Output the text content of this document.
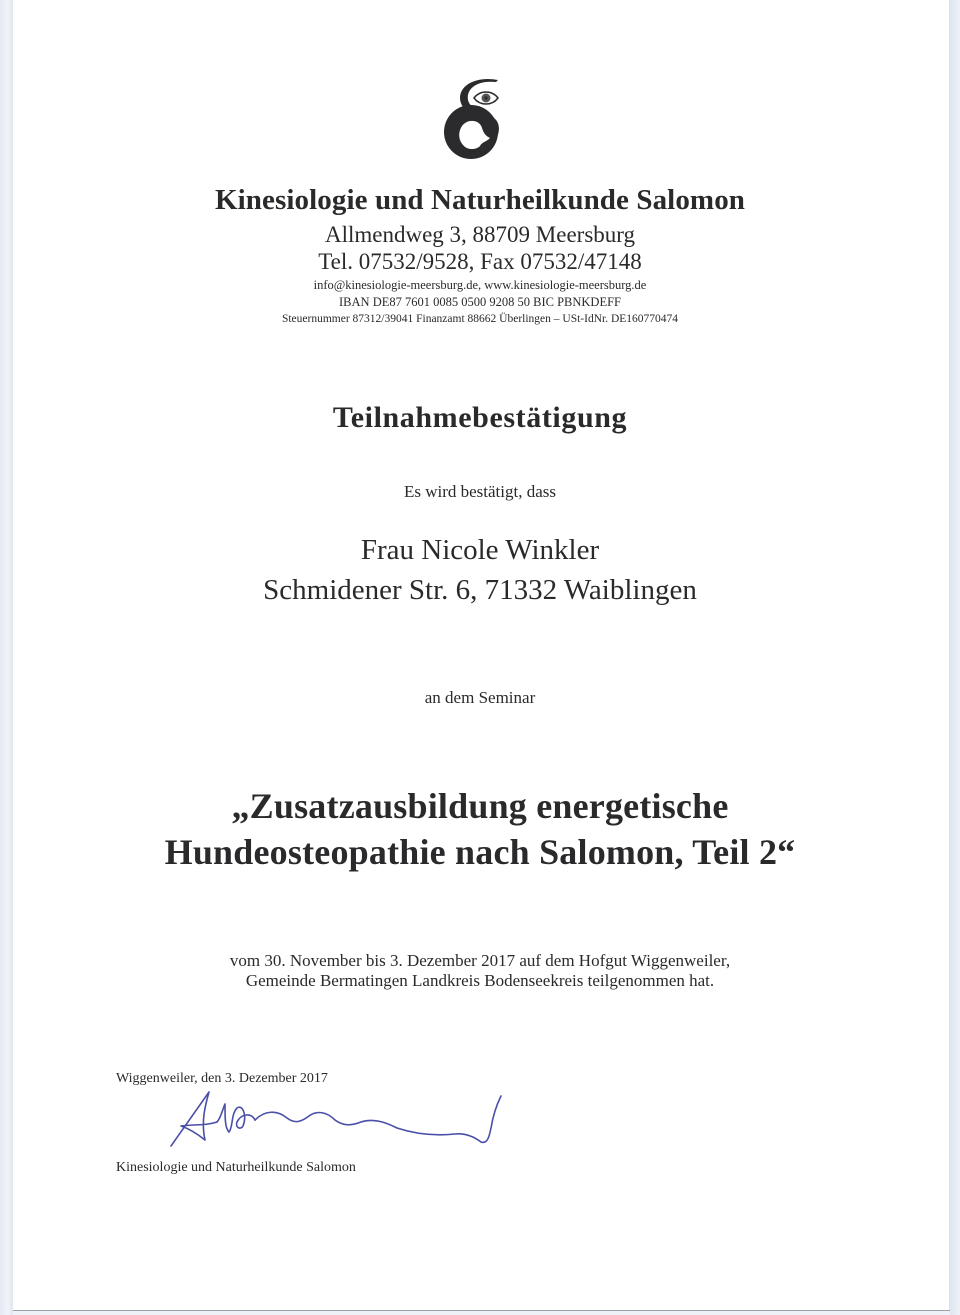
Kinesiologie und Naturheilkunde Salomon
Allmendweg 3, 88709 Meersburg
Tel. 07532/9528, Fax 07532/47148
info@kinesiologie-meersburg.de, www.kinesiologie-meersburg.de
IBAN DE87 7601 0085 0500 9208 50 BIC PBNKDEFF
Steuernummer 87312/39041 Finanzamt 88662 Überlingen – USt-IdNr. DE160770474
Teilnahmebestätigung
Es wird bestätigt, dass
Frau Nicole Winkler
Schmidener Str. 6, 71332 Waiblingen
an dem Seminar
„Zusatzausbildung energetische
Hundeosteopathie nach Salomon, Teil 2“
vom 30. November bis 3. Dezember 2017 auf dem Hofgut Wiggenweiler,
Gemeinde Bermatingen Landkreis Bodenseekreis teilgenommen hat.
Wiggenweiler, den 3. Dezember 2017
Kinesiologie und Naturheilkunde Salomon
